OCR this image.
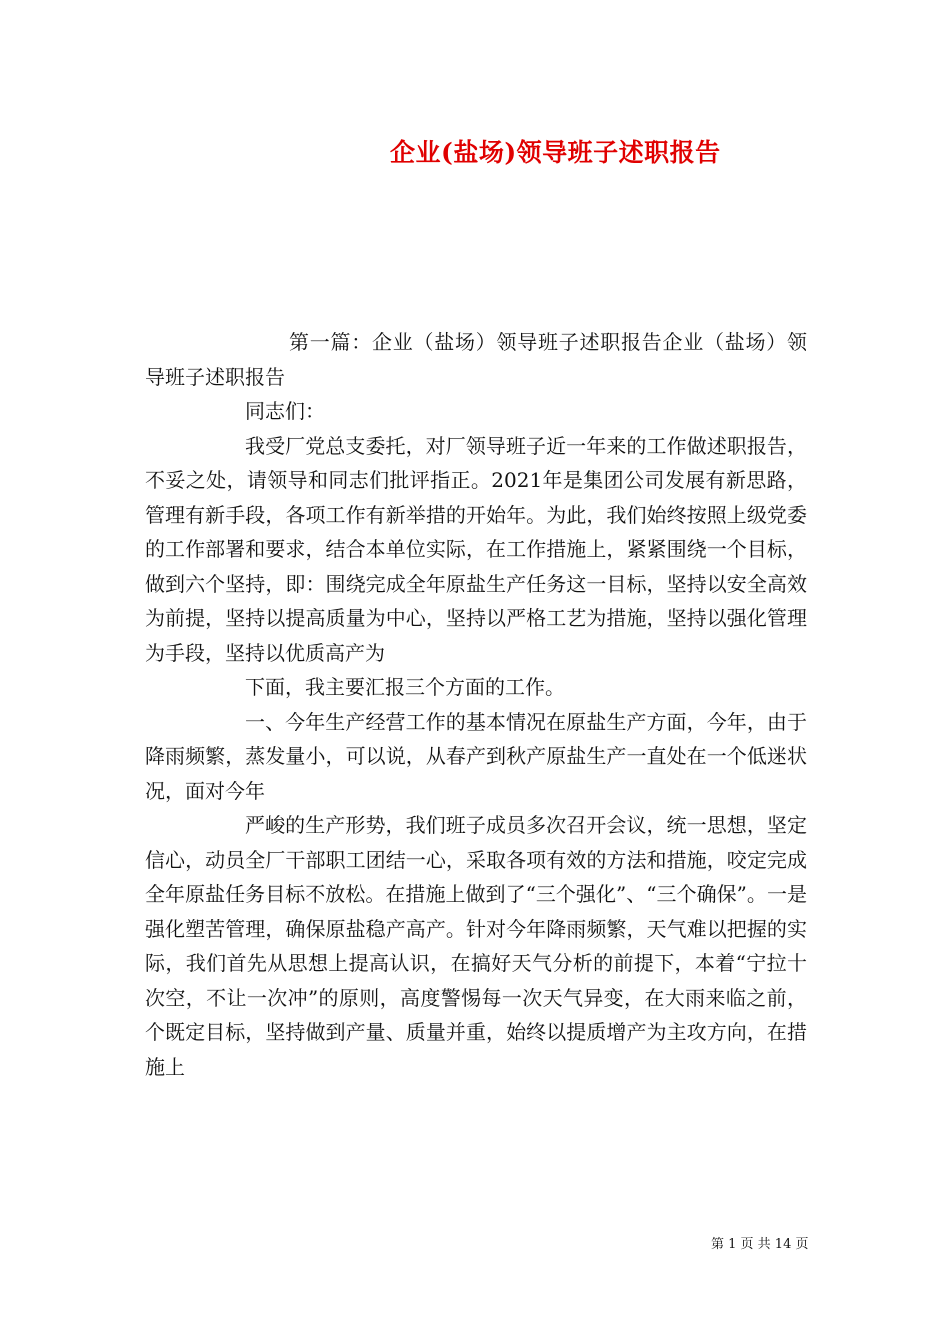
企业(盐场)领导班子述职报告

第一篇：企业（盐场）领导班子述职报告企业（盐场）领导班子述职报告

同志们：

我受厂党总支委托，对厂领导班子近一年来的工作做述职报告，不妥之处，请领导和同志们批评指正。2021年是集团公司发展有新思路，管理有新手段，各项工作有新举措的开始年。为此，我们始终按照上级党委的工作部署和要求，结合本单位实际，在工作措施上，紧紧围绕一个目标，做到六个坚持，即：围绕完成全年原盐生产任务这一目标，坚持以安全高效为前提，坚持以提高质量为中心，坚持以严格工艺为措施，坚持以强化管理为手段，坚持以优质高产为

下面，我主要汇报三个方面的工作。

一、今年生产经营工作的基本情况在原盐生产方面，今年，由于降雨频繁，蒸发量小，可以说，从春产到秋产原盐生产一直处在一个低迷状况，面对今年

严峻的生产形势，我们班子成员多次召开会议，统一思想，坚定信心，动员全厂干部职工团结一心，采取各项有效的方法和措施，咬定完成全年原盐任务目标不放松。在措施上做到了“三个强化”、“三个确保”。一是强化塑苦管理，确保原盐稳产高产。针对今年降雨频繁，天气难以把握的实际，我们首先从思想上提高认识，在搞好天气分析的前提下，本着“宁拉十次空，不让一次冲”的原则，高度警惕每一次天气异变，在大雨来临之前，个既定目标，坚持做到产量、质量并重，始终以提质增产为主攻方向，在措施上

第 1 页 共 14 页
